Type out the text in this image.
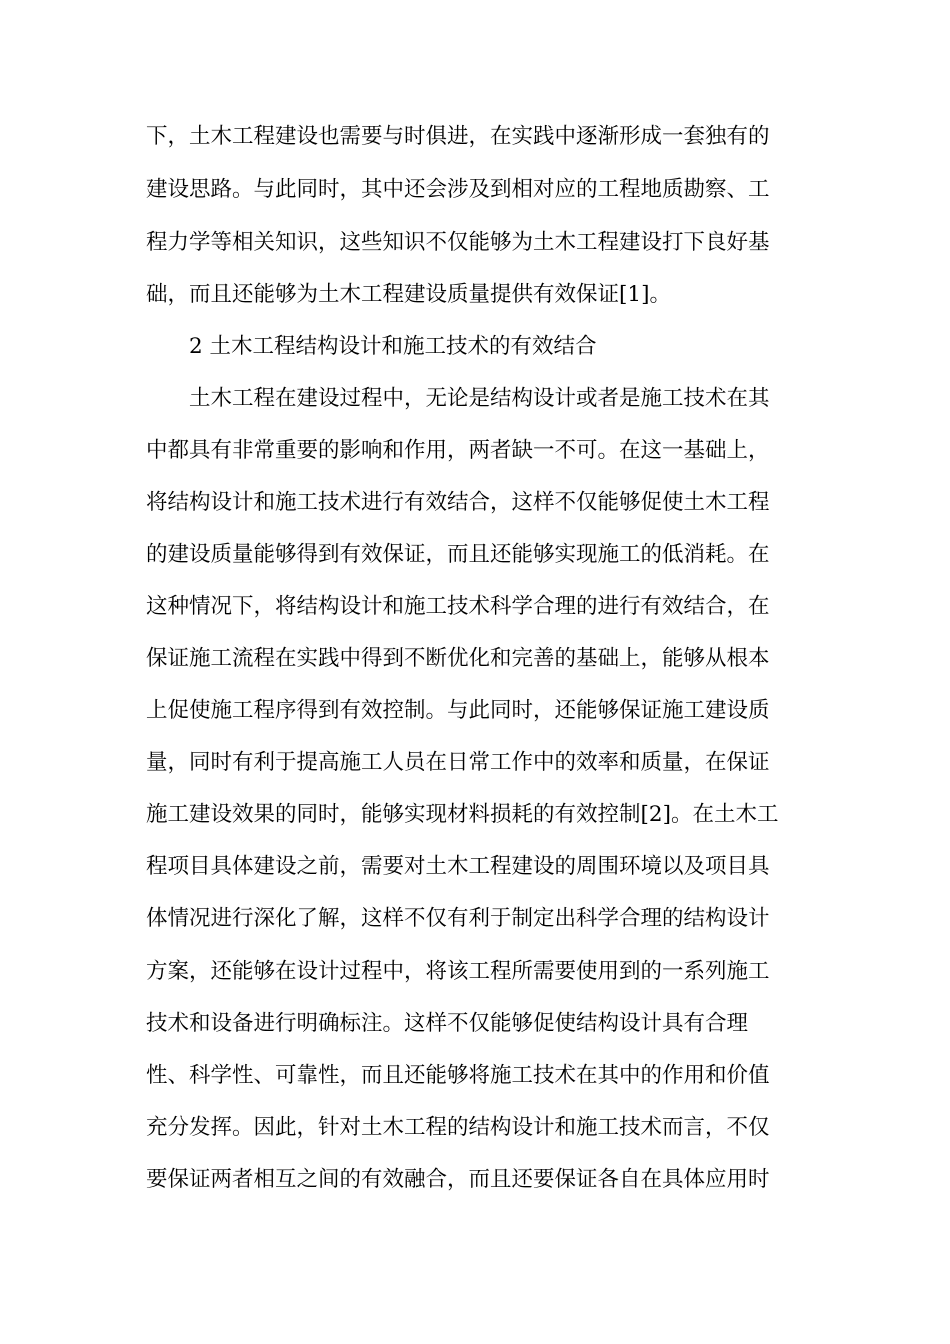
下，土木工程建设也需要与时俱进，在实践中逐渐形成一套独有的

建设思路。与此同时，其中还会涉及到相对应的工程地质勘察、工

程力学等相关知识，这些知识不仅能够为土木工程建设打下良好基

础，而且还能够为土木工程建设质量提供有效保证[1]。

2 土木工程结构设计和施工技术的有效结合

土木工程在建设过程中，无论是结构设计或者是施工技术在其

中都具有非常重要的影响和作用，两者缺一不可。在这一基础上，

将结构设计和施工技术进行有效结合，这样不仅能够促使土木工程

的建设质量能够得到有效保证，而且还能够实现施工的低消耗。在

这种情况下，将结构设计和施工技术科学合理的进行有效结合，在

保证施工流程在实践中得到不断优化和完善的基础上，能够从根本

上促使施工程序得到有效控制。与此同时，还能够保证施工建设质

量，同时有利于提高施工人员在日常工作中的效率和质量，在保证

施工建设效果的同时，能够实现材料损耗的有效控制[2]。在土木工

程项目具体建设之前，需要对土木工程建设的周围环境以及项目具

体情况进行深化了解，这样不仅有利于制定出科学合理的结构设计

方案，还能够在设计过程中，将该工程所需要使用到的一系列施工

技术和设备进行明确标注。这样不仅能够促使结构设计具有合理

性、科学性、可靠性，而且还能够将施工技术在其中的作用和价值

充分发挥。因此，针对土木工程的结构设计和施工技术而言，不仅

要保证两者相互之间的有效融合，而且还要保证各自在具体应用时
